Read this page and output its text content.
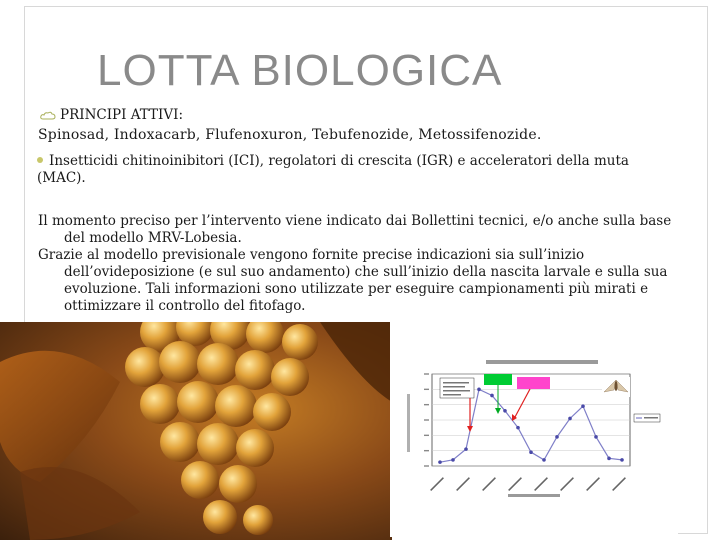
LOTTA BIOLOGICA
PRINCIPI ATTIVI:
Spinosad, Indoxacarb, Flufenoxuron, Tebufenozide, Metossifenozide.
Insetticidi chitinoinibitori (ICI), regolatori di crescita (IGR) e acceleratori della muta (MAC).

Il momento preciso per l’intervento viene indicato dai Bollettini tecnici, e/o anche sulla base del modello MRV-Lobesia.

Grazie al modello previsionale vengono fornite precise indicazioni sia sull’inizio dell’ovideposizione (e sul suo andamento) che sull’inizio della nascita larvale e sulla sua evoluzione. Tali informazioni sono utilizzate per eseguire campionamenti più mirati e ottimizzare il controllo del fitofago.
